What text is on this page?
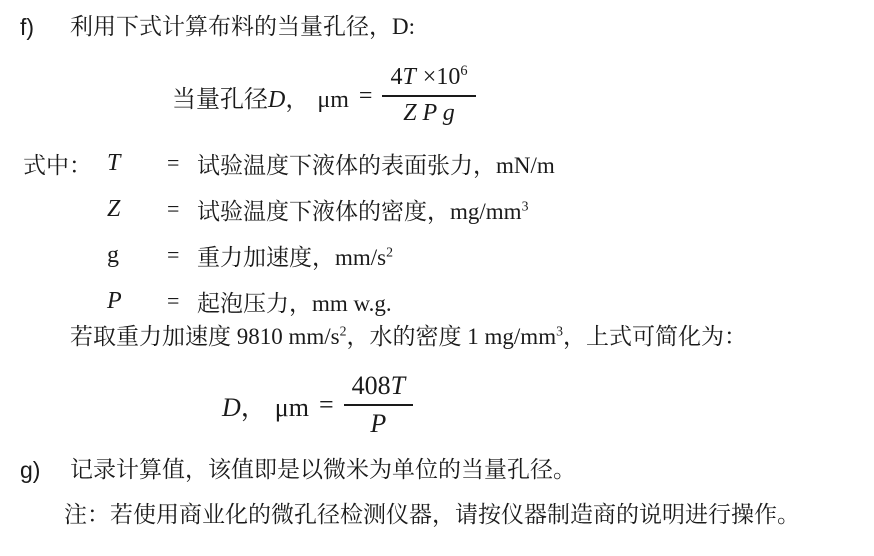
f)	利用下式计算布料的当量孔径，D:
当量孔径D， $\mu m = \frac{4T \times 10^6}{\text{Z P g}}$
式中： T	= 试验温度下液体的表面张力，mN/m
Z	= 试验温度下液体的密度，$mg/mm^3$
g	= 重力加速度，$mm/s^2$
P	= 起泡压力，mm w.g.
若取重力加速度 9810 $mm/s^2$，水的密度 1 $mg/mm^3$，上式可简化为：
D， $\mu m = \frac{408T}{P}$
g)	记录计算值，该值即是以微米为单位的当量孔径。
注：若使用商业化的微孔径检测仪器，请按仪器制造商的说明进行操作。
